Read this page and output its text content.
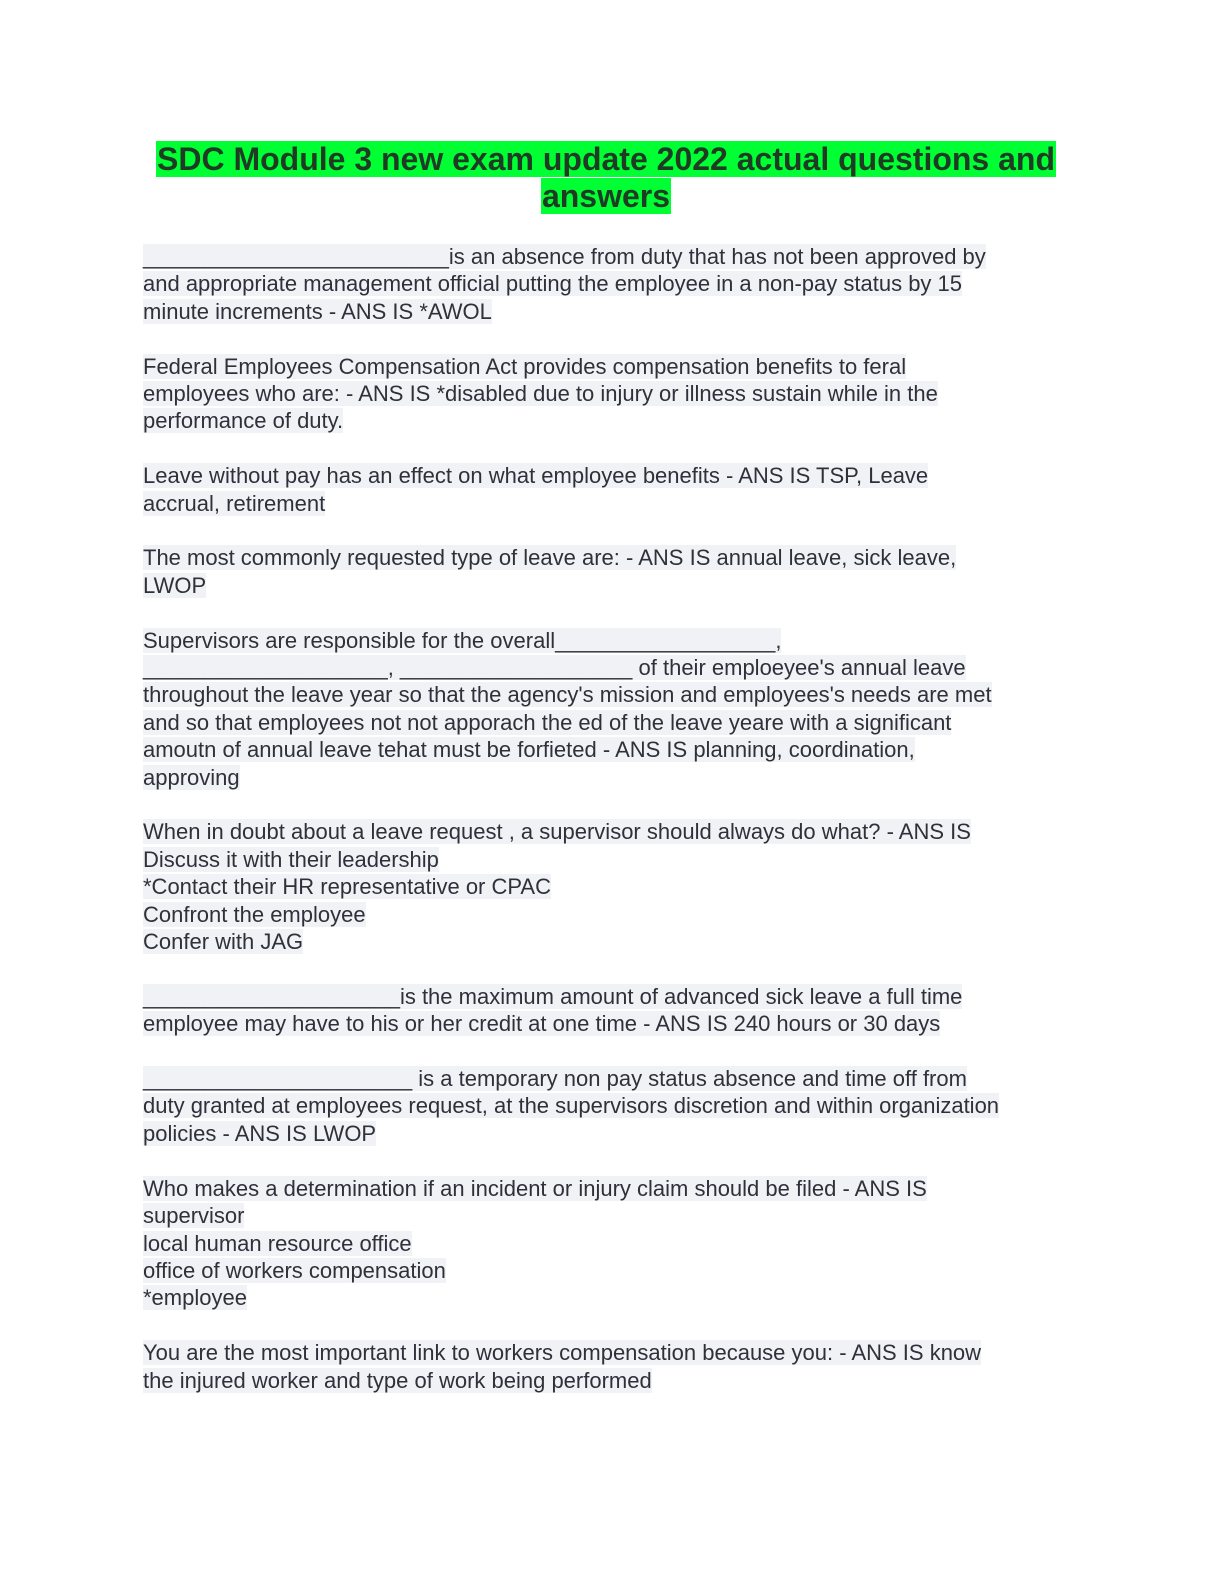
SDC Module 3 new exam update 2022 actual questions and
answers
_________________________is an absence from duty that has not been approved by
and appropriate management official putting the employee in a non-pay status by 15
minute increments - ANS IS *AWOL
Federal Employees Compensation Act provides compensation benefits to feral
employees who are: - ANS IS *disabled due to injury or illness sustain while in the
performance of duty.
Leave without pay has an effect on what employee benefits - ANS IS TSP, Leave
accrual, retirement
The most commonly requested type of leave are: - ANS IS annual leave, sick leave,
LWOP
Supervisors are responsible for the overall__________________,
____________________, ___________________ of their emploeyee's annual leave
throughout the leave year so that the agency's mission and employees's needs are met
and so that employees not not apporach the ed of the leave yeare with a significant
amoutn of annual leave tehat must be forfieted - ANS IS planning, coordination,
approving
When in doubt about a leave request , a supervisor should always do what? - ANS IS
Discuss it with their leadership
*Contact their HR representative or CPAC
Confront the employee
Confer with JAG
_____________________is the maximum amount of advanced sick leave a full time
employee may have to his or her credit at one time - ANS IS 240 hours or 30 days
______________________ is a temporary non pay status absence and time off from
duty granted at employees request, at the supervisors discretion and within organization
policies - ANS IS LWOP
Who makes a determination if an incident or injury claim should be filed - ANS IS
supervisor
local human resource office
office of workers compensation
*employee
You are the most important link to workers compensation because you: - ANS IS know
the injured worker and type of work being performed
